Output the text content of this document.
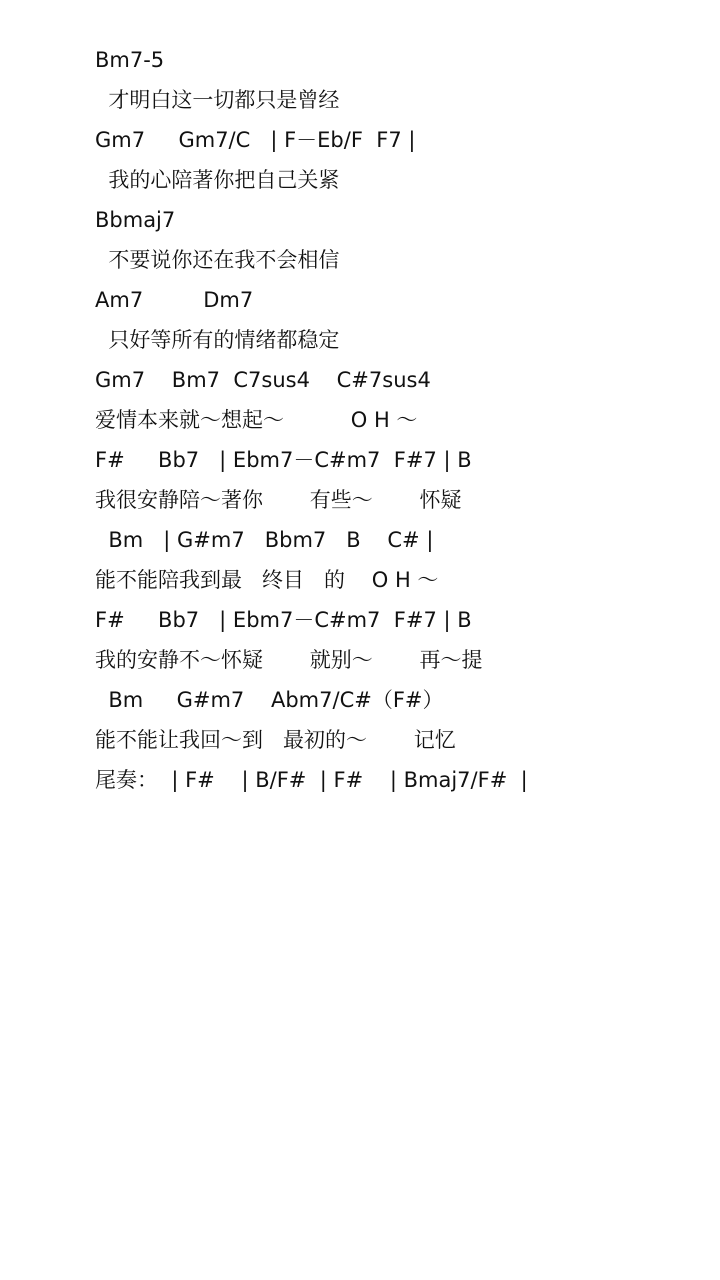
Bm7-5
才明白这一切都只是曾经
Gm7     Gm7/C   | F－Eb/F  F7 |
我的心陪著你把自己关紧
Bbmaj7
不要说你还在我不会相信
Am7         Dm7
只好等所有的情绪都稳定
Gm7    Bm7  C7sus4    C#7sus4
爱情本来就～想起～          O H ～
F#     Bb7   | Ebm7－C#m7  F#7 | B
我很安静陪～著你       有些～       怀疑
Bm   | G#m7   Bbm7   B    C# |
能不能陪我到最   终目   的    O H ～
F#     Bb7   | Ebm7－C#m7  F#7 | B
我的安静不～怀疑       就别～       再～提
Bm     G#m7    Abm7/C#（F#）
能不能让我回～到   最初的～       记忆
尾奏：  | F#    | B/F#  | F#    | Bmaj7/F#  |
